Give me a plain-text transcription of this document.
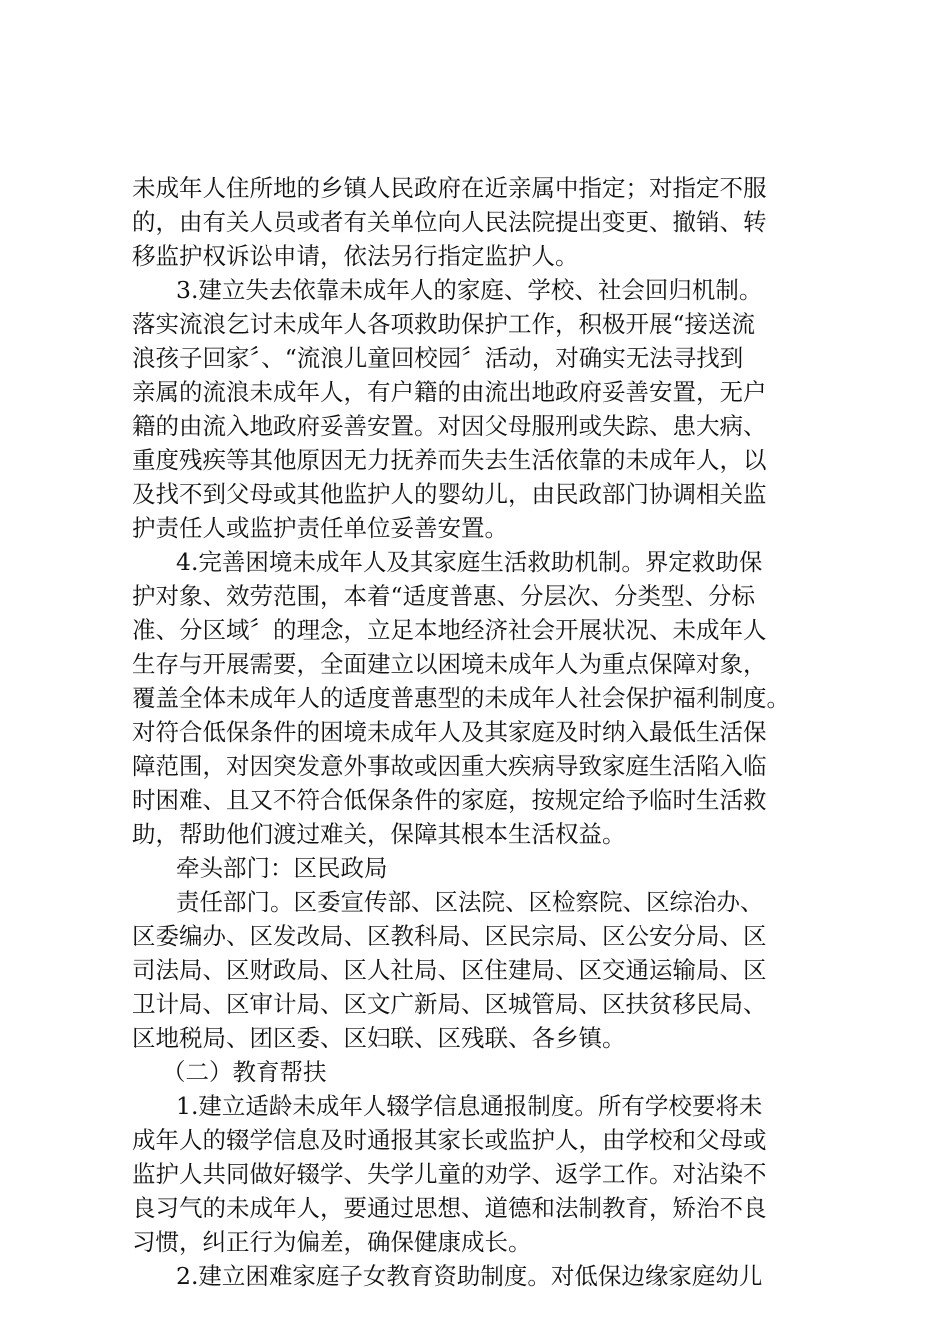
未成年人住所地的乡镇人民政府在近亲属中指定；对指定不服
的，由有关人员或者有关单位向人民法院提出变更、撤销、转
移监护权诉讼申请，依法另行指定监护人。
3.建立失去依靠未成年人的家庭、学校、社会回归机制。
落实流浪乞讨未成年人各项救助保护工作，积极开展“接送流
浪孩子回家〞、“流浪儿童回校园〞活动，对确实无法寻找到
亲属的流浪未成年人，有户籍的由流出地政府妥善安置，无户
籍的由流入地政府妥善安置。对因父母服刑或失踪、患大病、
重度残疾等其他原因无力抚养而失去生活依靠的未成年人，以
及找不到父母或其他监护人的婴幼儿，由民政部门协调相关监
护责任人或监护责任单位妥善安置。
4.完善困境未成年人及其家庭生活救助机制。界定救助保
护对象、效劳范围，本着“适度普惠、分层次、分类型、分标
准、分区域〞的理念，立足本地经济社会开展状况、未成年人
生存与开展需要，全面建立以困境未成年人为重点保障对象，
覆盖全体未成年人的适度普惠型的未成年人社会保护福利制度。
对符合低保条件的困境未成年人及其家庭及时纳入最低生活保
障范围，对因突发意外事故或因重大疾病导致家庭生活陷入临
时困难、且又不符合低保条件的家庭，按规定给予临时生活救
助，帮助他们渡过难关，保障其根本生活权益。
牵头部门：区民政局
责任部门。区委宣传部、区法院、区检察院、区综治办、
区委编办、区发改局、区教科局、区民宗局、区公安分局、区
司法局、区财政局、区人社局、区住建局、区交通运输局、区
卫计局、区审计局、区文广新局、区城管局、区扶贫移民局、
区地税局、团区委、区妇联、区残联、各乡镇。
（二）教育帮扶
1.建立适龄未成年人辍学信息通报制度。所有学校要将未
成年人的辍学信息及时通报其家长或监护人，由学校和父母或
监护人共同做好辍学、失学儿童的劝学、返学工作。对沾染不
良习气的未成年人，要通过思想、道德和法制教育，矫治不良
习惯，纠正行为偏差，确保健康成长。
2.建立困难家庭子女教育资助制度。对低保边缘家庭幼儿
